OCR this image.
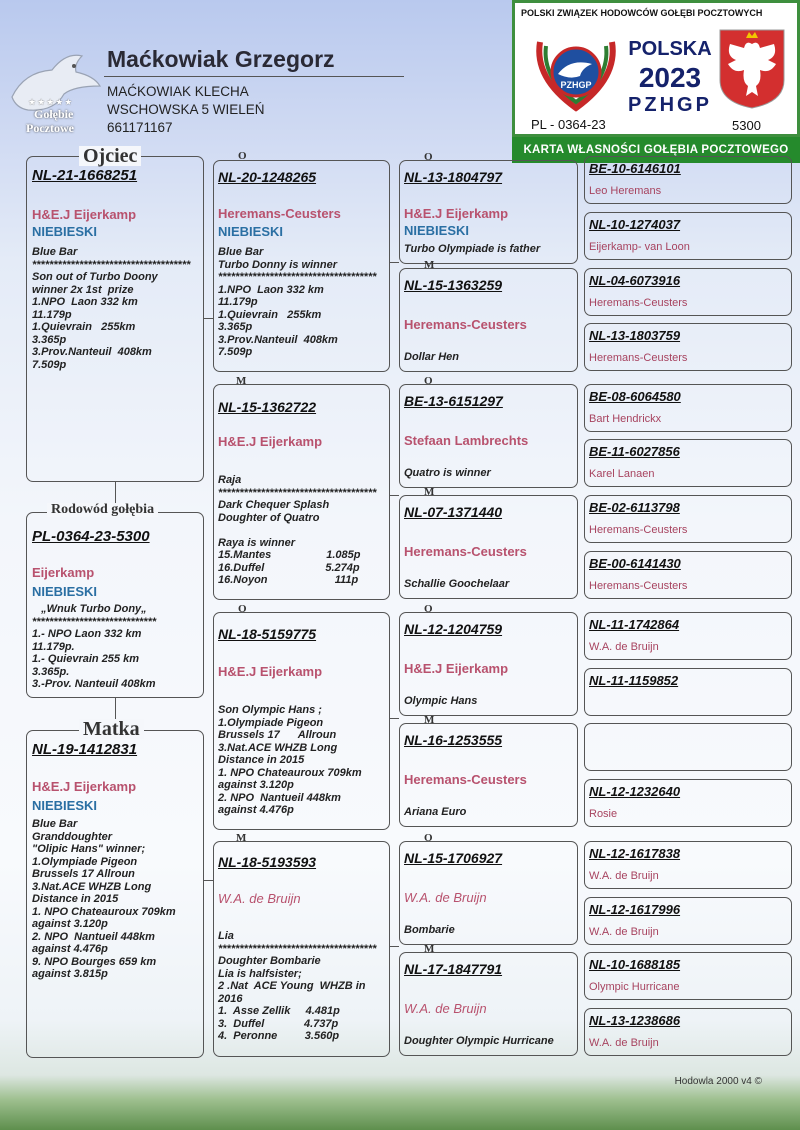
★★★★★
Gołębie
Pocztowe
Maćkowiak Grzegorz
MAĆKOWIAK KLECHA
WSCHOWSKA 5 WIELEŃ
661171167
POLSKI ZWIĄZEK HODOWCÓW GOŁĘBI POCZTOWYCH
PZHGP
POLSKA
2023
PZHGP
PL - 0364-23	5300
KARTA WŁASNOŚCI GOŁĘBIA POCZTOWEGO
Ojciec
NL-21-1668251
H&E.J Eijerkamp
NIEBIESKI
Blue Bar
*************************************
Son out of Turbo Doony
winner 2x 1st  prize
1.NPO  Laon 332 km
11.179p
1.Quievrain   255km
3.365p
3.Prov.Nanteuil  408km
7.509p
Rodowód gołębia
PL-0364-23-5300
Eijerkamp
NIEBIESKI
„Wnuk Turbo Dony„
*****************************
1.- NPO Laon 332 km
11.179p.
1.- Quievrain 255 km
3.365p.
3.-Prov. Nanteuil 408km
Matka
NL-19-1412831
H&E.J Eijerkamp
NIEBIESKI
Blue Bar
Granddoughter
"Olipic Hans" winner;
1.Olympiade Pigeon
Brussels 17 Allroun
3.Nat.ACE WHZB Long
Distance in 2015
1. NPO Chateauroux 709km
against 3.120p
2. NPO  Nantueil 448km
against 4.476p
9. NPO Bourges 659 km
against 3.815p
O
NL-20-1248265
Heremans-Ceusters
NIEBIESKI
Blue Bar
Turbo Donny is winner
*************************************
1.NPO  Laon 332 km
11.179p
1.Quievrain   255km
3.365p
3.Prov.Nanteuil  408km
7.509p
M
NL-15-1362722
H&E.J Eijerkamp
Raja
*************************************
Dark Chequer Splash
Doughter of Quatro

Raya is winner
15.Mantes                  1.085p
16.Duffel                    5.274p
16.Noyon                      111p
O
NL-18-5159775
H&E.J Eijerkamp
Son Olympic Hans ;
1.Olympiade Pigeon
Brussels 17      Allroun
3.Nat.ACE WHZB Long
Distance in 2015
1. NPO Chateauroux 709km
against 3.120p
2. NPO  Nantueil 448km
against 4.476p
M
NL-18-5193593
W.A. de Bruijn
Lia
*************************************
Doughter Bombarie
Lia is halfsister;
2 .Nat  ACE Young  WHZB in
2016
1.  Asse Zellik     4.481p
3.  Duffel             4.737p
4.  Peronne         3.560p
O
NL-13-1804797
H&E.J Eijerkamp
NIEBIESKI
Turbo Olympiade is father
M
NL-15-1363259
Heremans-Ceusters
Dollar Hen
O
BE-13-6151297
Stefaan Lambrechts
Quatro is winner
M
NL-07-1371440
Heremans-Ceusters
Schallie Goochelaar
O
NL-12-1204759
H&E.J Eijerkamp
Olympic Hans
M
NL-16-1253555
Heremans-Ceusters
Ariana Euro
O
NL-15-1706927
W.A. de Bruijn
Bombarie
M
NL-17-1847791
W.A. de Bruijn
Doughter Olympic Hurricane
BE-10-6146101
Leo Heremans
NL-10-1274037
Eijerkamp- van Loon
NL-04-6073916
Heremans-Ceusters
NL-13-1803759
Heremans-Ceusters
BE-08-6064580
Bart Hendrickx
BE-11-6027856
Karel Lanaen
BE-02-6113798
Heremans-Ceusters
BE-00-6141430
Heremans-Ceusters
NL-11-1742864
W.A. de Bruijn
NL-11-1159852
NL-12-1232640
Rosie
NL-12-1617838
W.A. de Bruijn
NL-12-1617996
W.A. de Bruijn
NL-10-1688185
Olympic Hurricane
NL-13-1238686
W.A. de Bruijn
Hodowla 2000 v4 ©
